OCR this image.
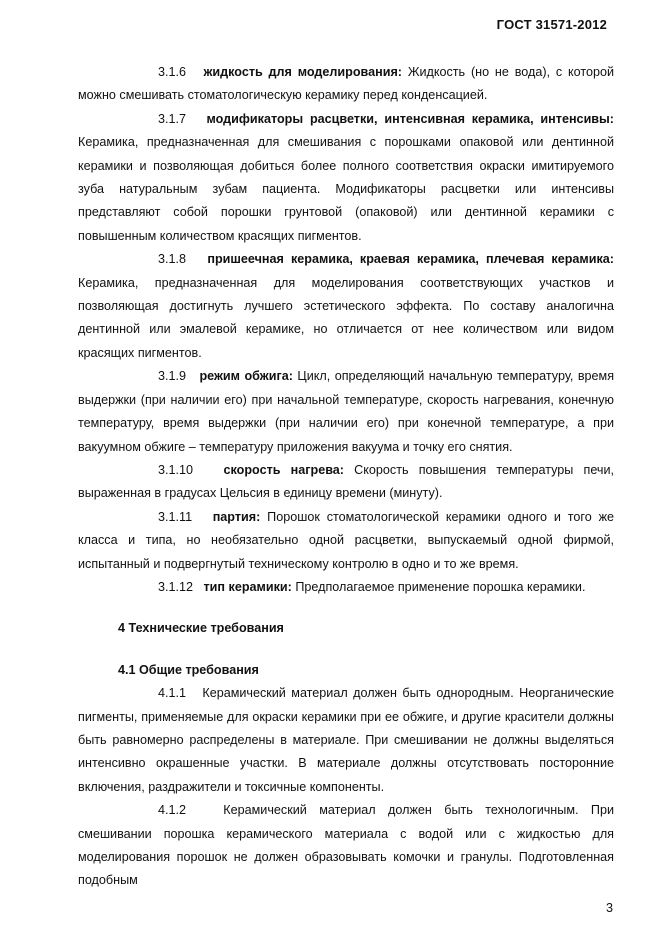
ГОСТ 31571-2012

3.1.6 жидкость для моделирования: Жидкость (но не вода), с которой можно смешивать стоматологическую керамику перед конденсацией.

3.1.7 модификаторы расцветки, интенсивная керамика, интенсивы: Керамика, предназначенная для смешивания с порошками опаковой или дентинной керамики и позволяющая добиться более полного соответствия окраски имитируемого зуба натуральным зубам пациента. Модификаторы расцветки или интенсивы представляют собой порошки грунтовой (опаковой) или дентинной керамики с повышенным количеством красящих пигментов.

3.1.8 пришеечная керамика, краевая керамика, плечевая керамика: Керамика, предназначенная для моделирования соответствующих участков и позволяющая достигнуть лучшего эстетического эффекта. По составу аналогична дентинной или эмалевой керамике, но отличается от нее количеством или видом красящих пигментов.

3.1.9 режим обжига: Цикл, определяющий начальную температуру, время выдержки (при наличии его) при начальной температуре, скорость нагревания, конечную температуру, время выдержки (при наличии его) при конечной температуре, а при вакуумном обжиге – температуру приложения вакуума и точку его снятия.

3.1.10 скорость нагрева: Скорость повышения температуры печи, выраженная в градусах Цельсия в единицу времени (минуту).

3.1.11 партия: Порошок стоматологической керамики одного и того же класса и типа, но необязательно одной расцветки, выпускаемый одной фирмой, испытанный и подвергнутый техническому контролю в одно и то же время.

3.1.12 тип керамики: Предполагаемое применение порошка керамики.

4 Технические требования

4.1 Общие требования

4.1.1 Керамический материал должен быть однородным. Неорганические пигменты, применяемые для окраски керамики при ее обжиге, и другие красители должны быть равномерно распределены в материале. При смешивании не должны выделяться интенсивно окрашенные участки. В материале должны отсутствовать посторонние включения, раздражители и токсичные компоненты.

4.1.2	Керамический материал должен быть технологичным. При смешивании порошка керамического материала с водой или с жидкостью для моделирования порошок не должен образовывать комочки и гранулы. Подготовленная подобным

3
